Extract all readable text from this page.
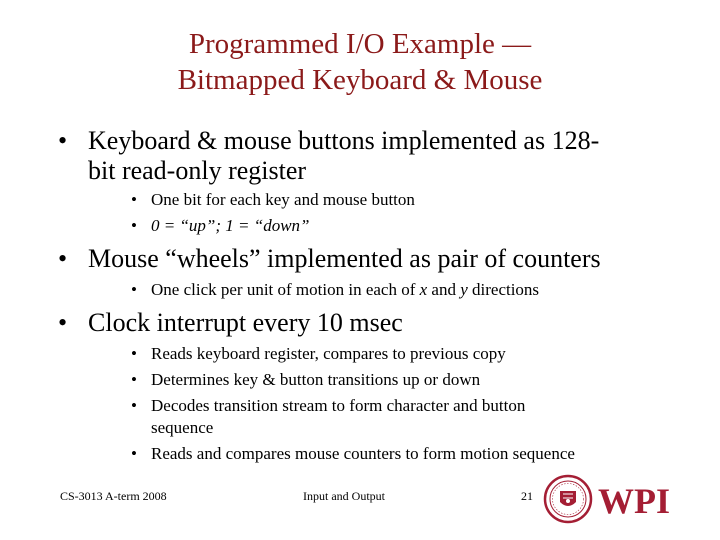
Programmed I/O Example —
Bitmapped Keyboard & Mouse
• Keyboard & mouse buttons implemented as 128-
bit read-only register
• One bit for each key and mouse button
• 0 = “up”; 1 = “down”
• Mouse “wheels” implemented as pair of counters
• One click per unit of motion in each of x and y directions
• Clock interrupt every 10 msec
• Reads keyboard register, compares to previous copy
• Determines key & button transitions up or down
• Decodes transition stream to form character and button
sequence
• Reads and compares mouse counters to form motion sequence
CS-3013 A-term 2008	Input and Output	21 WPI
